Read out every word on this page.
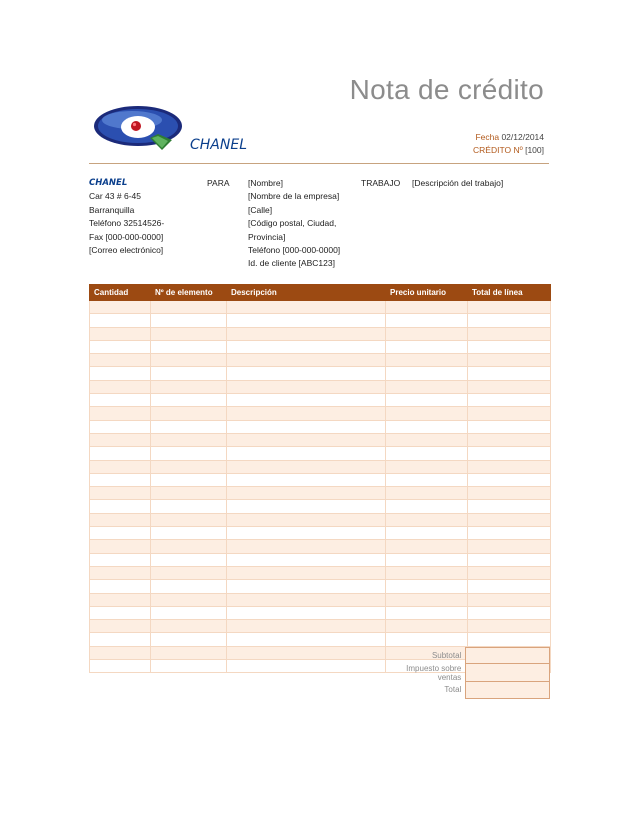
Nota de crédito
CHANEL	Fecha 02/12/2014
CRÉDITO Nº [100]
CHANEL
Car 43 # 6-45
Barranquilla
Teléfono 32514526-
Fax [000-000-0000]
[Correo electrónico]
PARA [Nombre]
[Nombre de la empresa]
[Calle]
[Código postal, Ciudad, Provincia]
Teléfono [000-000-0000]
Id. de cliente [ABC123]
TRABAJO [Descripción del trabajo]
Cantidad	Nº de elemento	Descripción	Precio unitario	Total de línea

Subtotal	
Impuesto sobre ventas	
Total	
